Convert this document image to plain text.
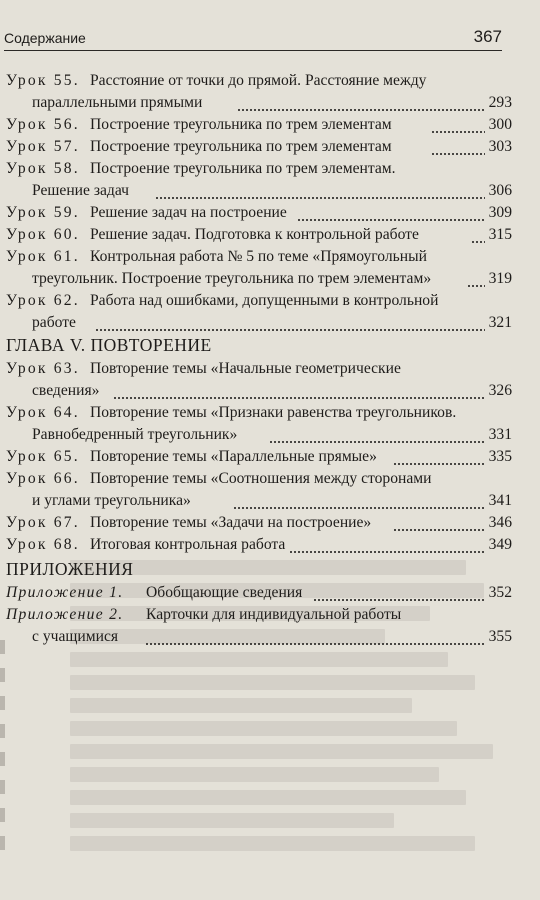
Содержание	367
ГЛАВА V. ПОВТОРЕНИЕ
ПРИЛОЖЕНИЯ
Урок 55. Расстояние от точки до прямой. Расстояние между
параллельными прямыми	293
Урок 56. Построение треугольника по трем элементам	300
Урок 57. Построение треугольника по трем элементам	303
Урок 58. Построение треугольника по трем элементам.
Решение задач	306
Урок 59. Решение задач на построение	309
Урок 60. Решение задач. Подготовка к контрольной работе	315
Урок 61. Контрольная работа № 5 по теме «Прямоугольный
треугольник. Построение треугольника по трем элементам»	319
Урок 62. Работа над ошибками, допущенными в контрольной
работе	321
Урок 63. Повторение темы «Начальные геометрические
сведения»	326
Урок 64. Повторение темы «Признаки равенства треугольников.
Равнобедренный треугольник»	331
Урок 65. Повторение темы «Параллельные прямые»	335
Урок 66. Повторение темы «Соотношения между сторонами
и углами треугольника»	341
Урок 67. Повторение темы «Задачи на построение»	346
Урок 68. Итоговая контрольная работа	349
Приложение 1. Обобщающие сведения	352
Приложение 2. Карточки для индивидуальной работы
с учащимися	355
